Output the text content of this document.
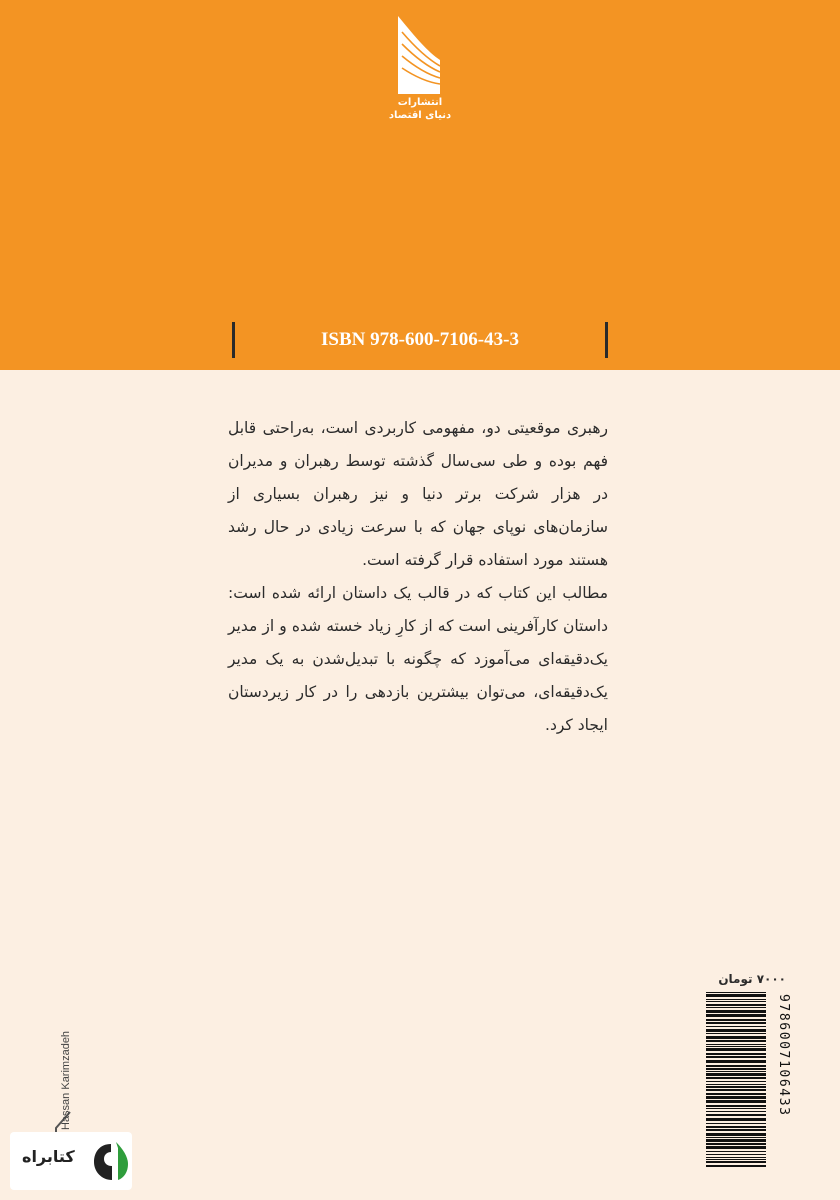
انتشارات
دنیای اقتصاد
ISBN 978-600-7106-43-3

رهبری موقعیتی دو، مفهومی کاربردی است، به‌راحتی قابل فهم بوده و طی سی‌سال گذشته توسط رهبران و مدیران در هزار شرکت برتر دنیا و نیز رهبران بسیاری از سازمان‌های نوپای جهان که با سرعت زیادی در حال رشد هستند مورد استفاده قرار گرفته است.

مطالب این کتاب که در قالب یک داستان ارائه شده است: داستان کارآفرینی است که از کارِ زیاد خسته شده و از مدیر یک‌دقیقه‌ای می‌آموزد که چگونه با تبدیل‌شدن به یک مدیر یک‌دقیقه‌ای، می‌توان بیشترین بازدهی را در کار زیردستان ایجاد کرد.

۷۰۰۰ تومان
9786007106433
Hassan Karimzadeh
کتابراه
